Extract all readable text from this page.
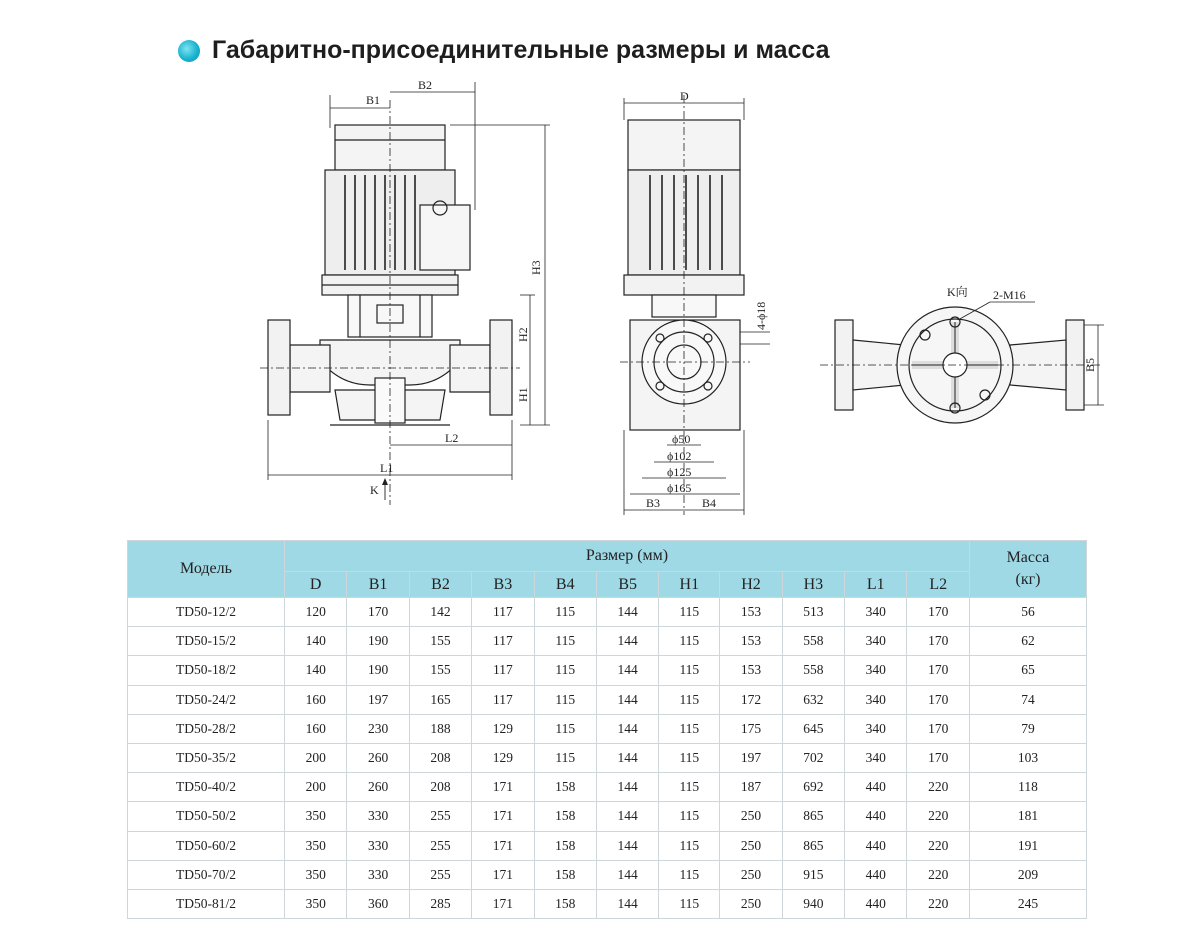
Габаритно-присоединительные размеры и масса
B1
B2
H3
H2
H1
L2
L1
K
D
4-ϕ18
ϕ50
ϕ102
ϕ125
ϕ165
B3	B4
K向 2-M16
B5
Модель	Размер (мм)											Масса
(кг)
	D	B1	B2	B3	B4	B5	H1	H2	H3	L1	L2	
TD50-12/2	120	170	142	117	115	144	115	153	513	340	170	56
TD50-15/2	140	190	155	117	115	144	115	153	558	340	170	62
TD50-18/2	140	190	155	117	115	144	115	153	558	340	170	65
TD50-24/2	160	197	165	117	115	144	115	172	632	340	170	74
TD50-28/2	160	230	188	129	115	144	115	175	645	340	170	79
TD50-35/2	200	260	208	129	115	144	115	197	702	340	170	103
TD50-40/2	200	260	208	171	158	144	115	187	692	440	220	118
TD50-50/2	350	330	255	171	158	144	115	250	865	440	220	181
TD50-60/2	350	330	255	171	158	144	115	250	865	440	220	191
TD50-70/2	350	330	255	171	158	144	115	250	915	440	220	209
TD50-81/2	350	360	285	171	158	144	115	250	940	440	220	245
